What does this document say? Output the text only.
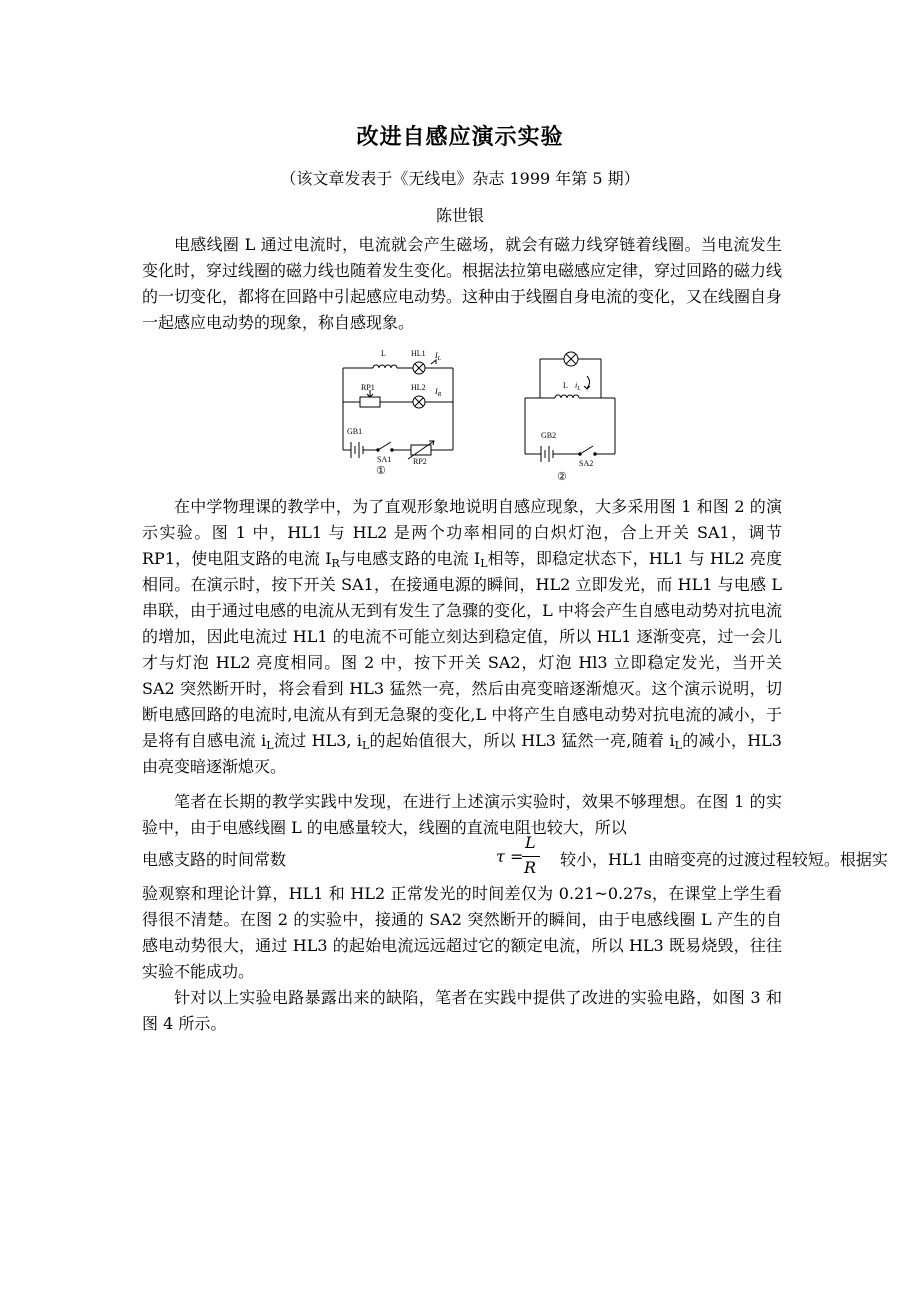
改进自感应演示实验
（该文章发表于《无线电》杂志 1999 年第 5 期）
陈世银

电感线圈 L 通过电流时，电流就会产生磁场，就会有磁力线穿链着线圈。当电流发生变化时，穿过线圈的磁力线也随着发生变化。根据法拉第电磁感应定律，穿过回路的磁力线的一切变化，都将在回路中引起感应电动势。这种由于线圈自身电流的变化，又在线圈自身一起感应电动势的现象，称自感现象。

L	HL1 $I_L$
RP1	HL2 $I_R$
GB1
SA1	RP2
①
L $i_L$
GB2
SA2
②

在中学物理课的教学中，为了直观形象地说明自感应现象，大多采用图 1 和图 2 的演示实验。图 1 中，HL1 与 HL2 是两个功率相同的白炽灯泡，合上开关 SA1，调节 RP1，使电阻支路的电流 $I_R$与电感支路的电流 $I_L$相等，即稳定状态下，HL1 与 HL2 亮度相同。在演示时，按下开关 SA1，在接通电源的瞬间，HL2 立即发光，而 HL1 与电感 L 串联，由于通过电感的电流从无到有发生了急骤的变化，L 中将会产生自感电动势对抗电流的增加，因此电流过 HL1 的电流不可能立刻达到稳定值，所以 HL1 逐渐变亮，过一会儿才与灯泡 HL2 亮度相同。图 2 中，按下开关 SA2，灯泡 Hl3 立即稳定发光，当开关 SA2 突然断开时，将会看到 HL3 猛然一亮，然后由亮变暗逐渐熄灭。这个演示说明，切断电感回路的电流时,电流从有到无急聚的变化,L 中将产生自感电动势对抗电流的减小，于是将有自感电流 $i_L$流过 HL3, $i_L$的起始值很大，所以 HL3 猛然一亮,随着 $i_L$的减小，HL3 由亮变暗逐渐熄灭。

笔者在长期的教学实践中发现，在进行上述演示实验时，效果不够理想。在图 1 的实验中，由于电感线圈 L 的电感量较大，线圈的直流电阻也较大，所以

电感支路的时间常数	τ =
L
R 较小，HL1 由暗变亮的过渡过程较短。根据实

验观察和理论计算，HL1 和 HL2 正常发光的时间差仅为 0.21~0.27s，在课堂上学生看得很不清楚。在图 2 的实验中，接通的 SA2 突然断开的瞬间，由于电感线圈 L 产生的自感电动势很大，通过 HL3 的起始电流远远超过它的额定电流，所以 HL3 既易烧毁，往往实验不能成功。

针对以上实验电路暴露出来的缺陷，笔者在实践中提供了改进的实验电路，如图 3 和图 4 所示。
